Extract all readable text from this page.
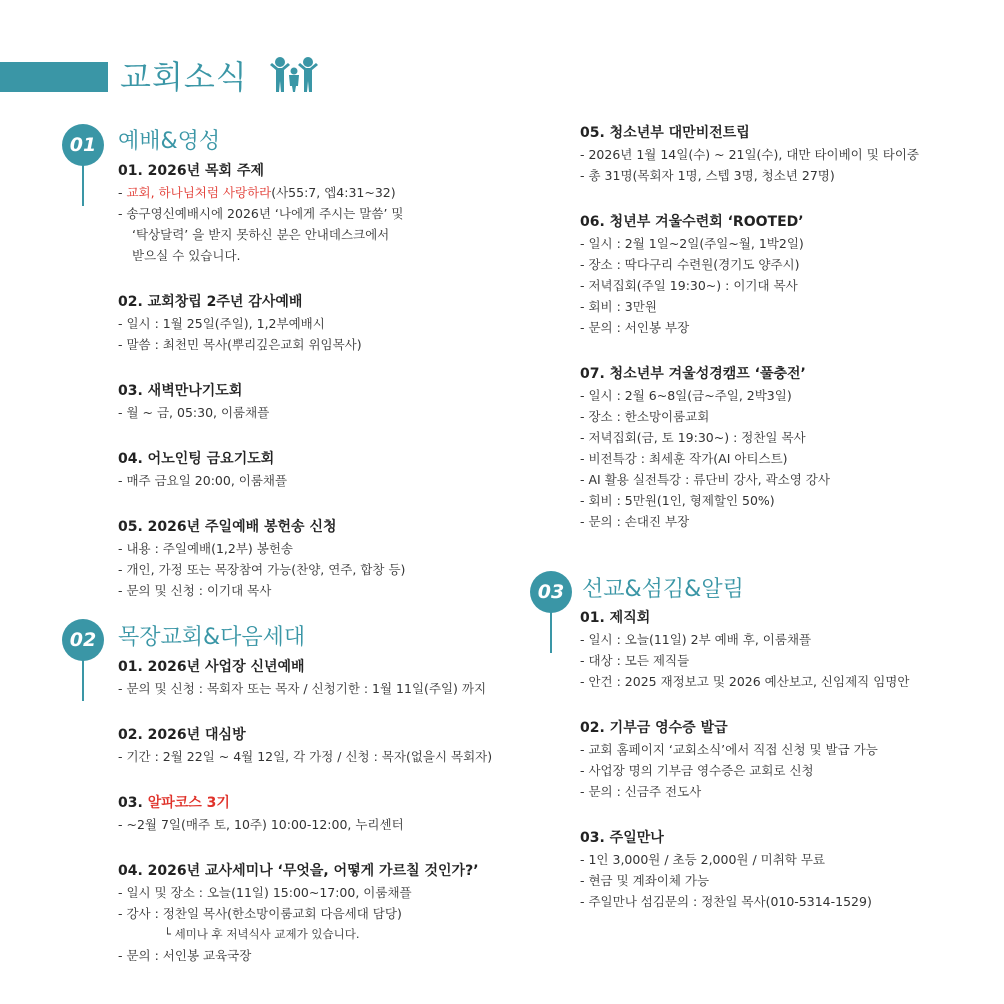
교회소식
01 예배&영성
01. 2026년 목회 주제
- 교회, 하나님처럼 사랑하라(사55:7, 엡4:31~32)
- 송구영신예배시에 2026년 ‘나에게 주시는 말씀’ 및
‘탁상달력’ 을 받지 못하신 분은 안내데스크에서
받으실 수 있습니다.
02. 교회창립 2주년 감사예배
- 일시 : 1월 25일(주일), 1,2부예배시
- 말씀 : 최천민 목사(뿌리깊은교회 위임목사)
03. 새벽만나기도회
- 월 ~ 금, 05:30, 이룸채플
04. 어노인팅 금요기도회
- 매주 금요일 20:00, 이룸채플
05. 2026년 주일예배 봉헌송 신청
- 내용 : 주일예배(1,2부) 봉헌송
- 개인, 가정 또는 목장참여 가능(찬양, 연주, 합창 등)
- 문의 및 신청 : 이기대 목사
02 목장교회&다음세대
01. 2026년 사업장 신년예배
- 문의 및 신청 : 목회자 또는 목자 / 신청기한 : 1월 11일(주일) 까지
02. 2026년 대심방
- 기간 : 2월 22일 ~ 4월 12일, 각 가정 / 신청 : 목자(없을시 목회자)
03. 알파코스 3기
- ~2월 7일(매주 토, 10주) 10:00-12:00, 누리센터
04. 2026년 교사세미나 ‘무엇을, 어떻게 가르칠 것인가?’
- 일시 및 장소 : 오늘(11일) 15:00~17:00, 이룸채플
- 강사 : 정찬일 목사(한소망이룸교회 다음세대 담당)
└ 세미나 후 저녁식사 교제가 있습니다.
- 문의 : 서인봉 교육국장
05. 청소년부 대만비전트립
- 2026년 1월 14일(수) ~ 21일(수), 대만 타이베이 및 타이중
- 총 31명(목회자 1명, 스텝 3명, 청소년 27명)
06. 청년부 겨울수련회 ‘ROOTED’
- 일시 : 2월 1일~2일(주일~월, 1박2일)
- 장소 : 딱다구리 수련원(경기도 양주시)
- 저녁집회(주일 19:30~) : 이기대 목사
- 회비 : 3만원
- 문의 : 서인봉 부장
07. 청소년부 겨울성경캠프 ‘풀충전’
- 일시 : 2월 6~8일(금~주일, 2박3일)
- 장소 : 한소망이룸교회
- 저녁집회(금, 토 19:30~) : 정찬일 목사
- 비전특강 : 최세훈 작가(AI 아티스트)
- AI 활용 실전특강 : 류단비 강사, 곽소영 강사
- 회비 : 5만원(1인, 형제할인 50%)
- 문의 : 손대진 부장
03 선교&섬김&알림
01. 제직회
- 일시 : 오늘(11일) 2부 예배 후, 이룸채플
- 대상 : 모든 제직들
- 안건 : 2025 재정보고 및 2026 예산보고, 신임제직 임명안
02. 기부금 영수증 발급
- 교회 홈페이지 ‘교회소식’에서 직접 신청 및 발급 가능
- 사업장 명의 기부금 영수증은 교회로 신청
- 문의 : 신금주 전도사
03. 주일만나
- 1인 3,000원 / 초등 2,000원 / 미취학 무료
- 현금 및 계좌이체 가능
- 주일만나 섬김문의 : 정찬일 목사(010-5314-1529)
